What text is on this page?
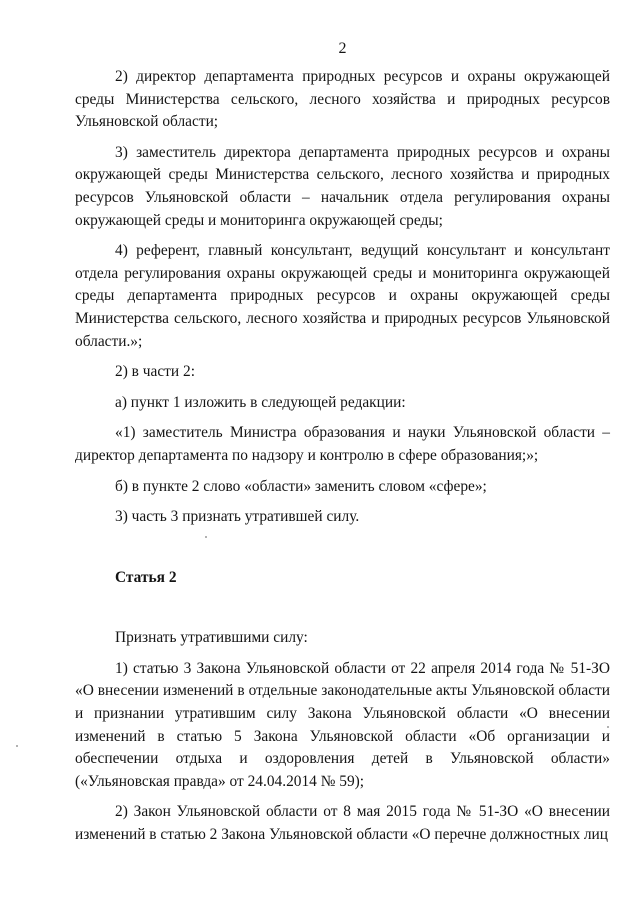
2

2) директор департамента природных ресурсов и охраны окружающей среды Министерства сельского, лесного хозяйства и природных ресурсов Ульяновской области;

3) заместитель директора департамента природных ресурсов и охраны окружающей среды Министерства сельского, лесного хозяйства и природных ресурсов Ульяновской области – начальник отдела регулирования охраны окружающей среды и мониторинга окружающей среды;

4) референт, главный консультант, ведущий консультант и консультант отдела регулирования охраны окружающей среды и мониторинга окружающей среды департамента природных ресурсов и охраны окружающей среды Министерства сельского, лесного хозяйства и природных ресурсов Ульяновской области.»;

2) в части 2:

а) пункт 1 изложить в следующей редакции:

«1) заместитель Министра образования и науки Ульяновской области – директор департамента по надзору и контролю в сфере образования;»;

б) в пункте 2 слово «области» заменить словом «сфере»;

3) часть 3 признать утратившей силу.

Статья 2

Признать утратившими силу:

1) статью 3 Закона Ульяновской области от 22 апреля 2014 года № 51-ЗО «О внесении изменений в отдельные законодательные акты Ульяновской области и признании утратившим силу Закона Ульяновской области «О внесении изменений в статью 5 Закона Ульяновской области «Об организации и обеспечении отдыха и оздоровления детей в Ульяновской области» («Ульяновская правда» от 24.04.2014 № 59);

2) Закон Ульяновской области от 8 мая 2015 года № 51-ЗО «О внесении изменений в статью 2 Закона Ульяновской области «О перечне должностных лиц
